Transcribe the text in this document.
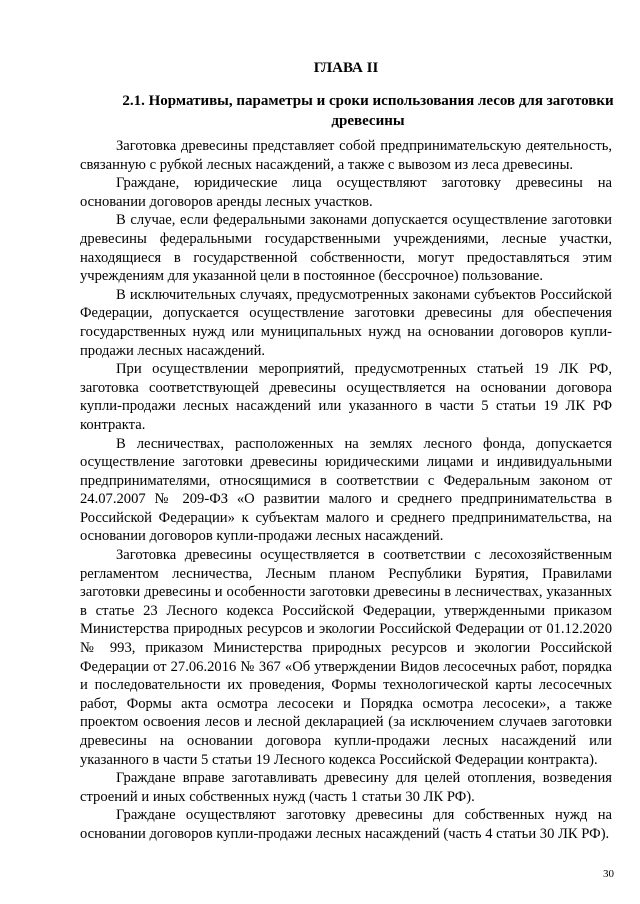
ГЛАВА II
2.1. Нормативы, параметры и сроки использования лесов для заготовки древесины

Заготовка древесины представляет собой предпринимательскую деятельность, связанную с рубкой лесных насаждений, а также с вывозом из леса древесины.

Граждане, юридические лица осуществляют заготовку древесины на основании договоров аренды лесных участков.

В случае, если федеральными законами допускается осуществление заготовки древесины федеральными государственными учреждениями, лесные участки, находящиеся в государственной собственности, могут предоставляться этим учреждениям для указанной цели в постоянное (бессрочное) пользование.

В исключительных случаях, предусмотренных законами субъектов Российской Федерации, допускается осуществление заготовки древесины для обеспечения государственных нужд или муниципальных нужд на основании договоров купли-продажи лесных насаждений.

При осуществлении мероприятий, предусмотренных статьей 19 ЛК РФ, заготовка соответствующей древесины осуществляется на основании договора купли-продажи лесных насаждений или указанного в части 5 статьи 19 ЛК РФ контракта.

В лесничествах, расположенных на землях лесного фонда, допускается осуществление заготовки древесины юридическими лицами и индивидуальными предпринимателями, относящимися в соответствии с Федеральным законом от 24.07.2007 № 209-ФЗ «О развитии малого и среднего предпринимательства в Российской Федерации» к субъектам малого и среднего предпринимательства, на основании договоров купли-продажи лесных насаждений.

Заготовка древесины осуществляется в соответствии с лесохозяйственным регламентом лесничества, Лесным планом Республики Бурятия, Правилами заготовки древесины и особенности заготовки древесины в лесничествах, указанных в статье 23 Лесного кодекса Российской Федерации, утвержденными приказом Министерства природных ресурсов и экологии Российской Федерации от 01.12.2020 № 993, приказом Министерства природных ресурсов и экологии Российской Федерации от 27.06.2016 № 367 «Об утверждении Видов лесосечных работ, порядка и последовательности их проведения, Формы технологической карты лесосечных работ, Формы акта осмотра лесосеки и Порядка осмотра лесосеки», а также проектом освоения лесов и лесной декларацией (за исключением случаев заготовки древесины на основании договора купли-продажи лесных насаждений или указанного в части 5 статьи 19 Лесного кодекса Российской Федерации контракта).

Граждане вправе заготавливать древесину для целей отопления, возведения строений и иных собственных нужд (часть 1 статьи 30 ЛК РФ).

Граждане осуществляют заготовку древесины для собственных нужд на основании договоров купли-продажи лесных насаждений (часть 4 статьи 30 ЛК РФ).

30
